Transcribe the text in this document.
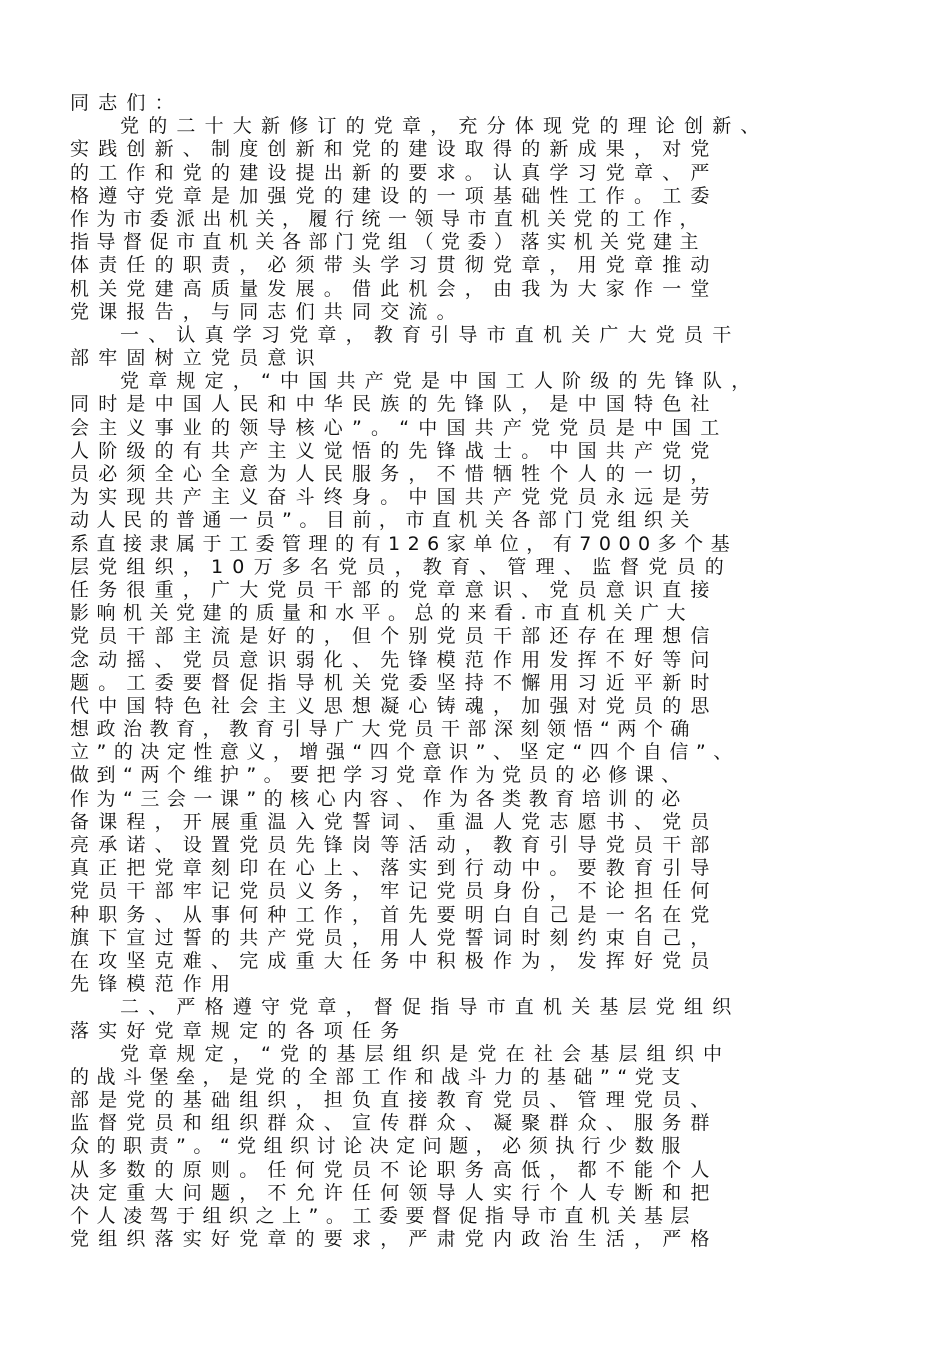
同志们：
党的二十大新修订的党章，充分体现党的理论创新、
实践创新、制度创新和党的建设取得的新成果，对党
的工作和党的建设提出新的要求。认真学习党章、严
格遵守党章是加强党的建设的一项基础性工作。工委
作为市委派出机关，履行统一领导市直机关党的工作，
指导督促市直机关各部门党组（党委）落实机关党建主
体责任的职责，必须带头学习贯彻党章，用党章推动
机关党建高质量发展。借此机会，由我为大家作一堂
党课报告，与同志们共同交流。
一、认真学习党章，教育引导市直机关广大党员干
部牢固树立党员意识
党章规定，“中国共产党是中国工人阶级的先锋队，
同时是中国人民和中华民族的先锋队，是中国特色社
会主义事业的领导核心”。“中国共产党党员是中国工
人阶级的有共产主义觉悟的先锋战士。中国共产党党
员必须全心全意为人民服务，不惜牺牲个人的一切，
为实现共产主义奋斗终身。中国共产党党员永远是劳
动人民的普通一员”。目前，市直机关各部门党组织关
系直接隶属于工委管理的有126家单位，有7000多个基
层党组织，10万多名党员，教育、管理、监督党员的
任务很重，广大党员干部的党章意识、党员意识直接
影响机关党建的质量和水平。总的来看.市直机关广大
党员干部主流是好的，但个别党员干部还存在理想信
念动摇、党员意识弱化、先锋模范作用发挥不好等问
题。工委要督促指导机关党委坚持不懈用习近平新时
代中国特色社会主义思想凝心铸魂，加强对党员的思
想政治教育，教育引导广大党员干部深刻领悟“两个确
立”的决定性意义，增强“四个意识”、坚定“四个自信”、
做到“两个维护”。要把学习党章作为党员的必修课、
作为“三会一课”的核心内容、作为各类教育培训的必
备课程，开展重温入党誓词、重温人党志愿书、党员
亮承诺、设置党员先锋岗等活动，教育引导党员干部
真正把党章刻印在心上、落实到行动中。要教育引导
党员干部牢记党员义务，牢记党员身份，不论担任何
种职务、从事何种工作，首先要明白自己是一名在党
旗下宣过誓的共产党员，用人党誓词时刻约束自己，
在攻坚克难、完成重大任务中积极作为，发挥好党员
先锋模范作用
二、严格遵守党章，督促指导市直机关基层党组织
落实好党章规定的各项任务
党章规定，“党的基层组织是党在社会基层组织中
的战斗堡垒，是党的全部工作和战斗力的基础”“党支
部是党的基础组织，担负直接教育党员、管理党员、
监督党员和组织群众、宣传群众、凝聚群众、服务群
众的职责”。“党组织讨论决定问题，必须执行少数服
从多数的原则。任何党员不论职务高低，都不能个人
决定重大问题，不允许任何领导人实行个人专断和把
个人凌驾于组织之上”。工委要督促指导市直机关基层
党组织落实好党章的要求，严肃党内政治生活，严格
